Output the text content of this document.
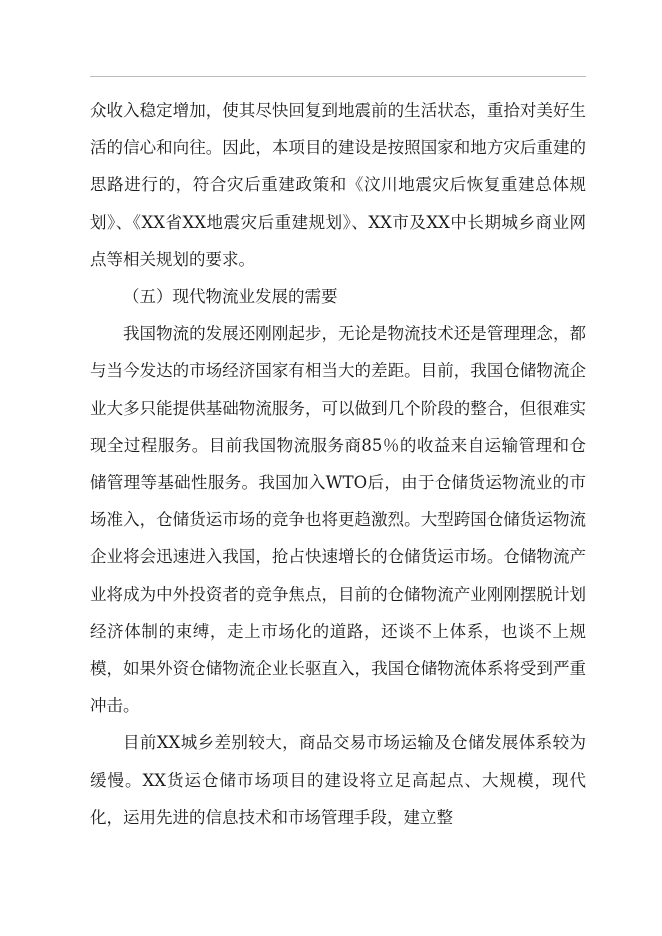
众收入稳定增加，使其尽快回复到地震前的生活状态，重拾对美好生活的信心和向往。因此，本项目的建设是按照国家和地方灾后重建的思路进行的，符合灾后重建政策和《汶川地震灾后恢复重建总体规划》、《XX省XX地震灾后重建规划》、XX市及XX中长期城乡商业网点等相关规划的要求。

（五）现代物流业发展的需要

我国物流的发展还刚刚起步，无论是物流技术还是管理理念，都与当今发达的市场经济国家有相当大的差距。目前，我国仓储物流企业大多只能提供基础物流服务，可以做到几个阶段的整合，但很难实现全过程服务。目前我国物流服务商85％的收益来自运输管理和仓储管理等基础性服务。我国加入WTO后，由于仓储货运物流业的市场准入，仓储货运市场的竞争也将更趋激烈。大型跨国仓储货运物流企业将会迅速进入我国，抢占快速增长的仓储货运市场。仓储物流产业将成为中外投资者的竞争焦点，目前的仓储物流产业刚刚摆脱计划经济体制的束缚，走上市场化的道路，还谈不上体系，也谈不上规模，如果外资仓储物流企业长驱直入，我国仓储物流体系将受到严重冲击。

目前XX城乡差别较大，商品交易市场运输及仓储发展体系较为缓慢。XX货运仓储市场项目的建设将立足高起点、大规模，现代化，运用先进的信息技术和市场管理手段，建立整
